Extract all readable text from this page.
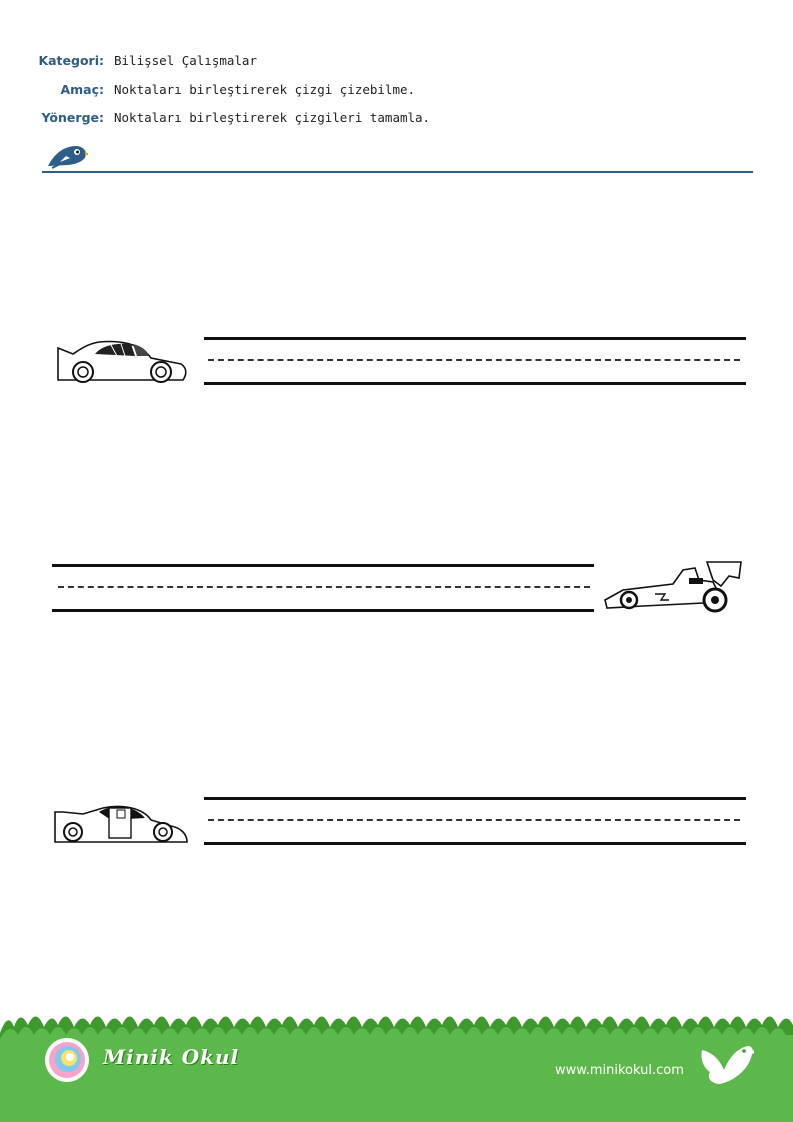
Kategori: Bilişsel Çalışmalar
Amaç: Noktaları birleştirerek çizgi çizebilme.
Yönerge: Noktaları birleştirerek çizgileri tamamla.
Minik Okul
www.minikokul.com
